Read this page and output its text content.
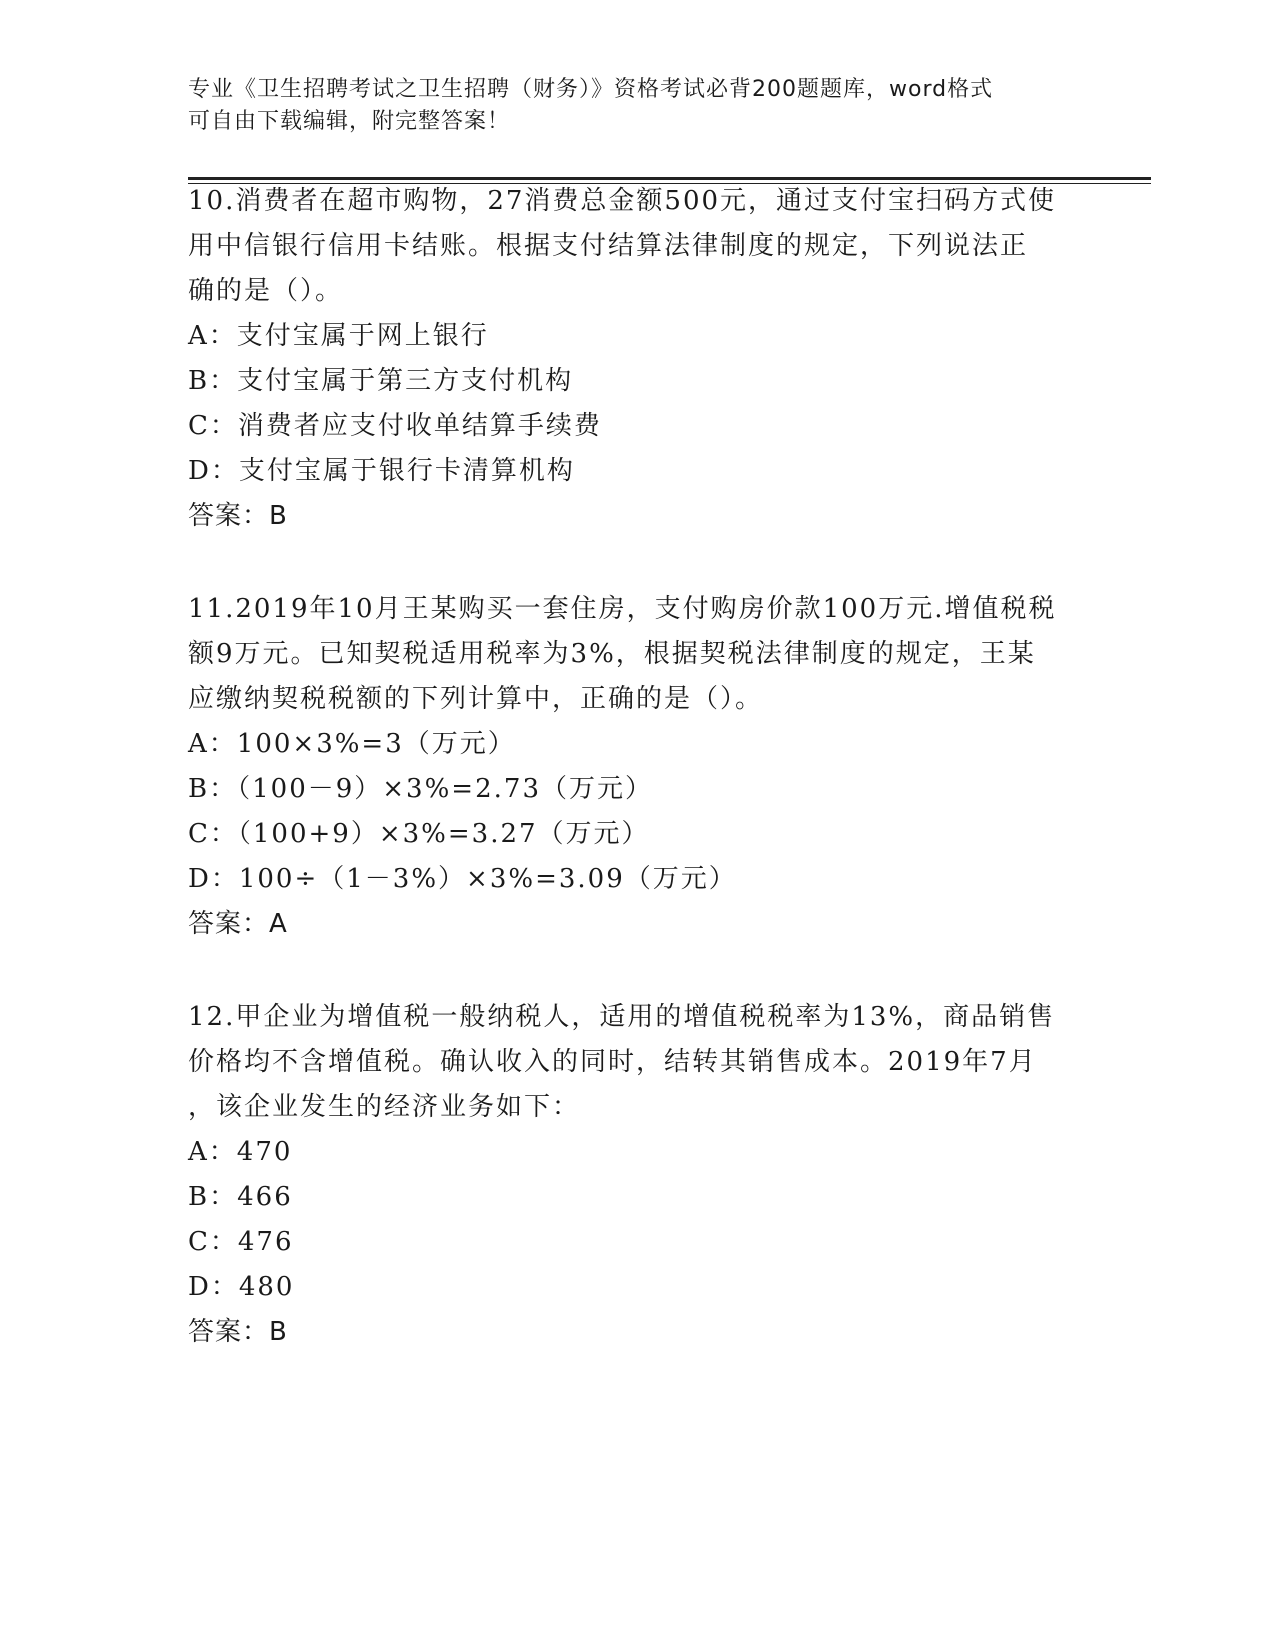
专业《卫生招聘考试之卫生招聘（财务）》资格考试必背200题题库，word格式
可自由下载编辑，附完整答案！
10.消费者在超市购物，27消费总金额500元，通过支付宝扫码方式使
用中信银行信用卡结账。根据支付结算法律制度的规定，下列说法正
确的是（）。
A：支付宝属于网上银行
B：支付宝属于第三方支付机构
C：消费者应支付收单结算手续费
D：支付宝属于银行卡清算机构
答案：B
11.2019年10月王某购买一套住房，支付购房价款100万元.增值税税
额9万元。已知契税适用税率为3%，根据契税法律制度的规定，王某
应缴纳契税税额的下列计算中，正确的是（）。
A：100×3%=3（万元）
B：（100－9）×3%=2.73（万元）
C：（100+9）×3%=3.27（万元）
D：100÷（1－3%）×3%=3.09（万元）
答案：A
12.甲企业为增值税一般纳税人，适用的增值税税率为13%，商品销售
价格均不含增值税。确认收入的同时，结转其销售成本。2019年7月
，该企业发生的经济业务如下：
A：470
B：466
C：476
D：480
答案：B
